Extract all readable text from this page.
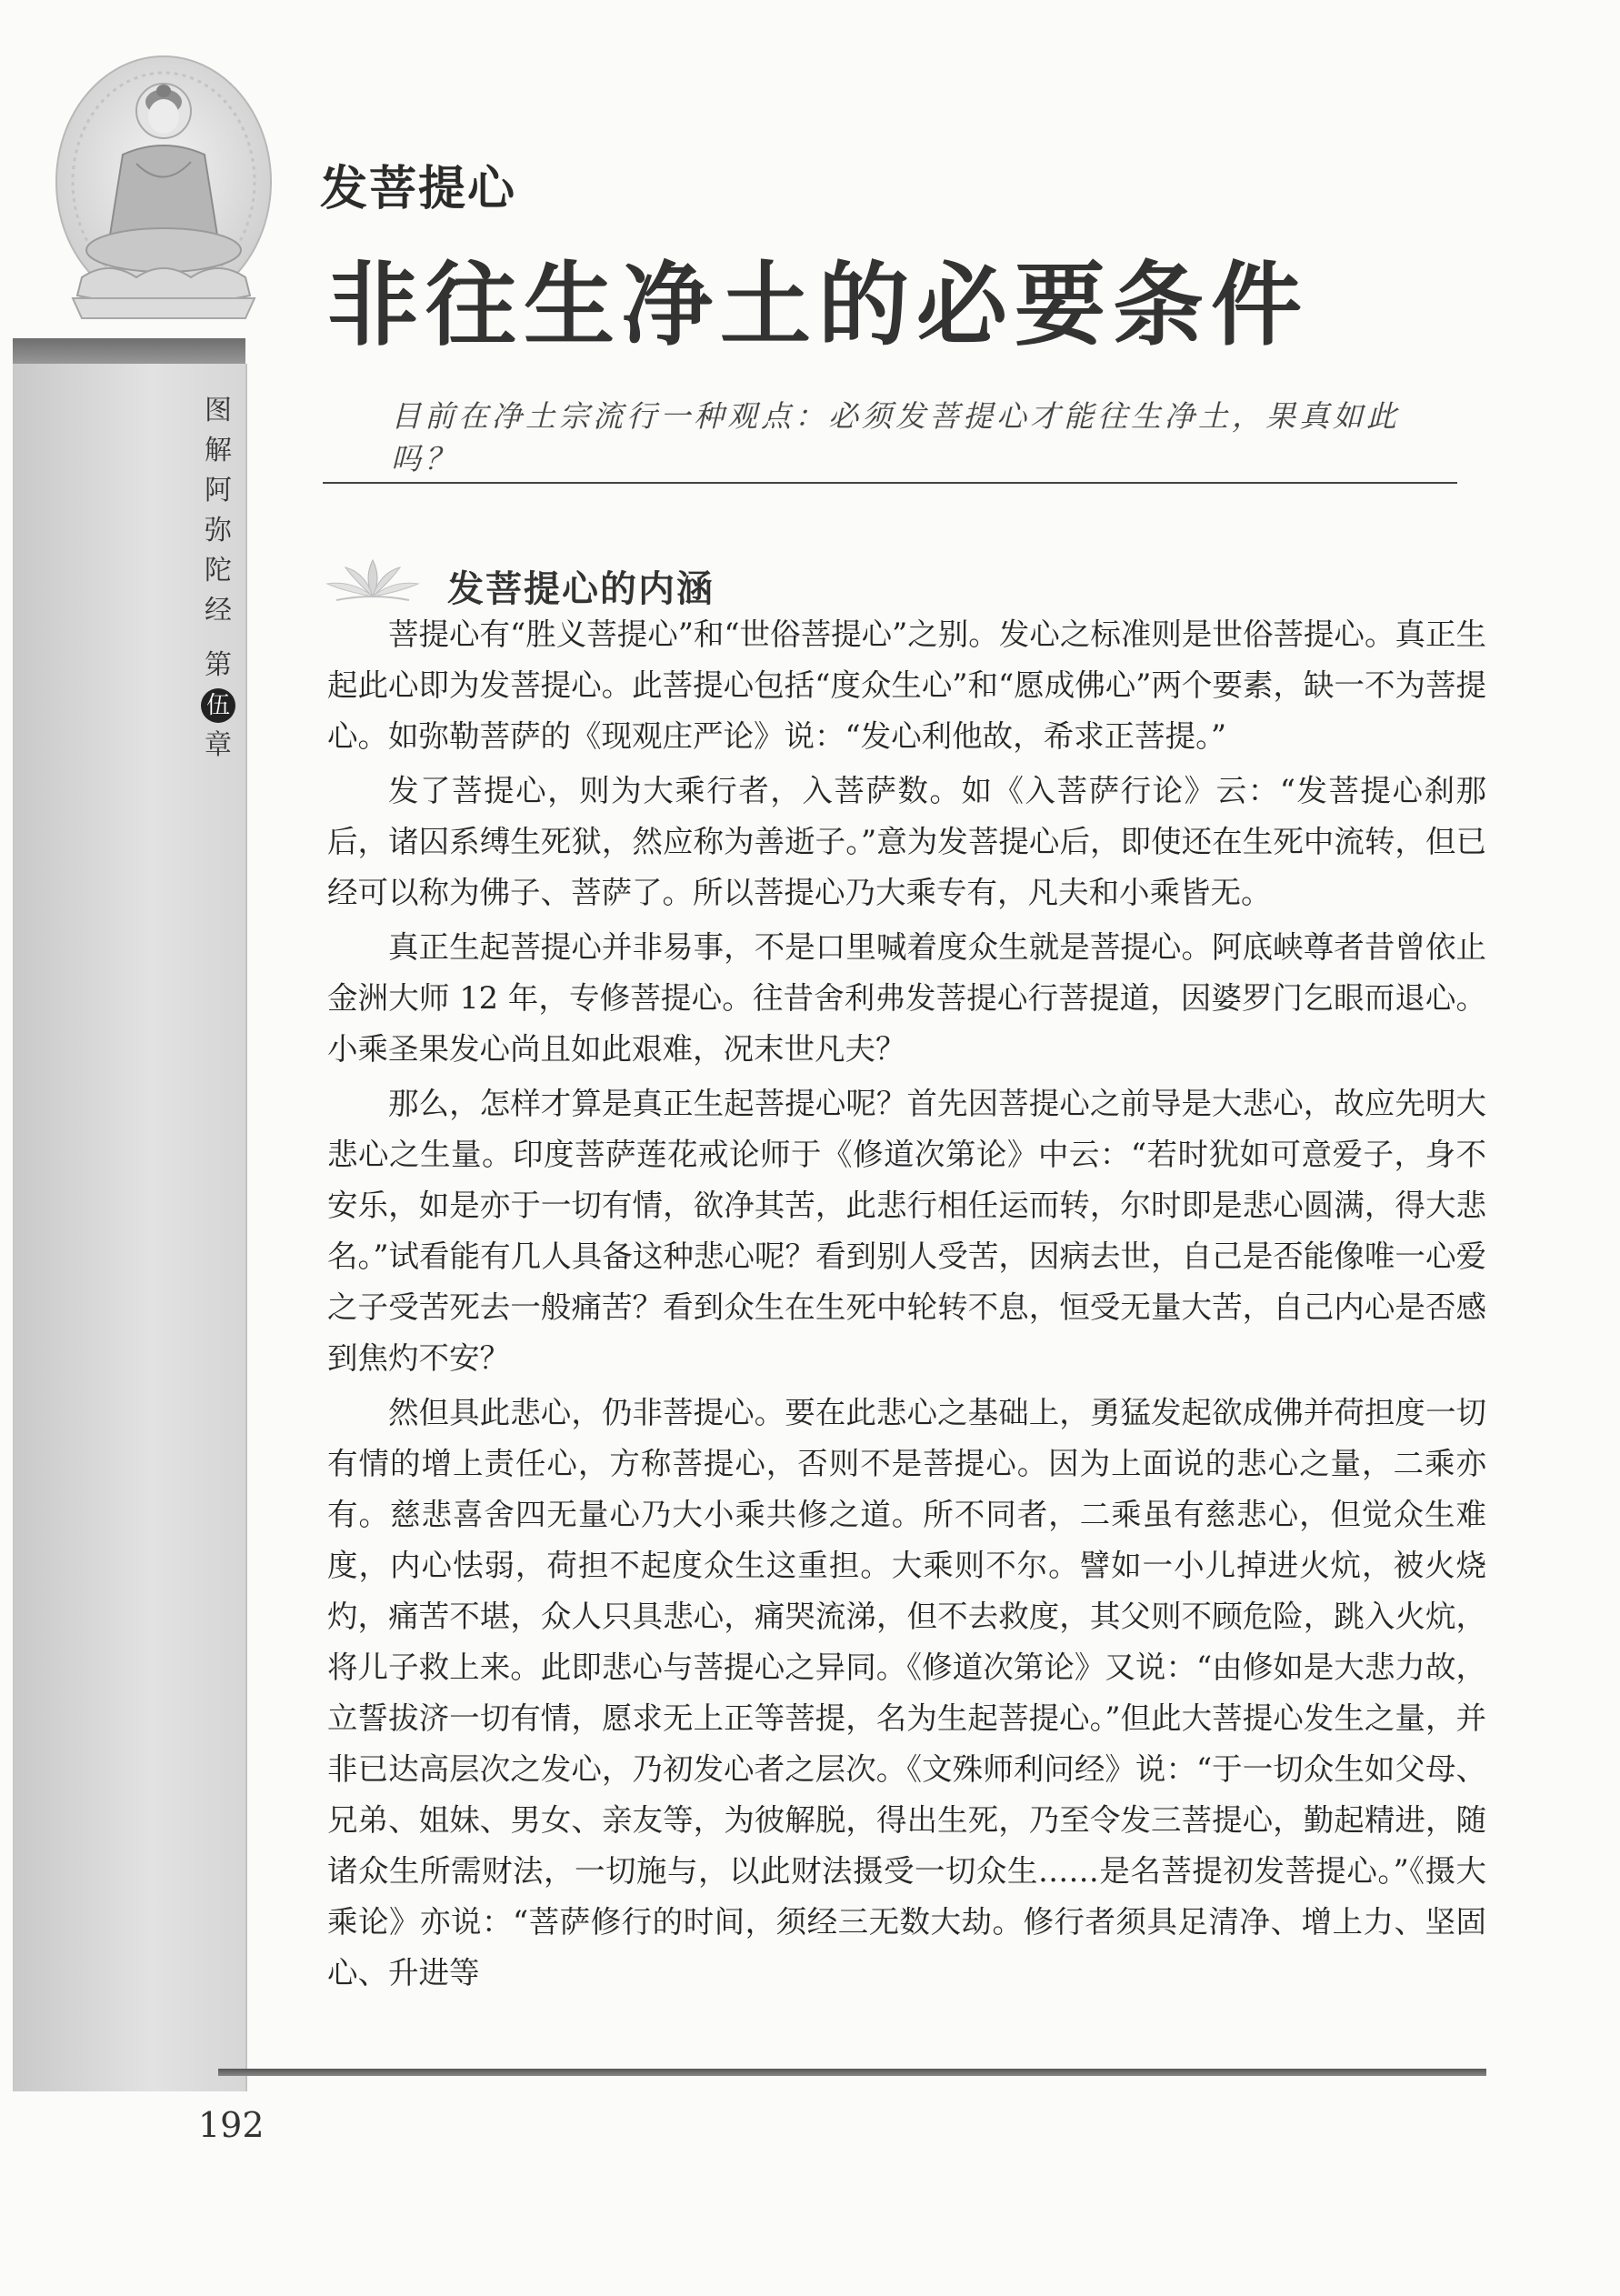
发菩提心
非往生净土的必要条件
图
解
阿
弥
陀
经
第
伍
章
目前在净土宗流行一种观点：必须发菩提心才能往生净土，果真如此吗？
发菩提心的内涵

菩提心有“胜义菩提心”和“世俗菩提心”之别。发心之标准则是世俗菩提心。真正生起此心即为发菩提心。此菩提心包括“度众生心”和“愿成佛心”两个要素，缺一不为菩提心。如弥勒菩萨的《现观庄严论》说：“发心利他故，希求正菩提。”

发了菩提心，则为大乘行者，入菩萨数。如《入菩萨行论》云：“发菩提心刹那后，诸囚系缚生死狱，然应称为善逝子。”意为发菩提心后，即使还在生死中流转，但已经可以称为佛子、菩萨了。所以菩提心乃大乘专有，凡夫和小乘皆无。

真正生起菩提心并非易事，不是口里喊着度众生就是菩提心。阿底峡尊者昔曾依止金洲大师 12 年，专修菩提心。往昔舍利弗发菩提心行菩提道，因婆罗门乞眼而退心。小乘圣果发心尚且如此艰难，况末世凡夫？

那么，怎样才算是真正生起菩提心呢？首先因菩提心之前导是大悲心，故应先明大悲心之生量。印度菩萨莲花戒论师于《修道次第论》中云：“若时犹如可意爱子，身不安乐，如是亦于一切有情，欲净其苦，此悲行相任运而转，尔时即是悲心圆满，得大悲名。”试看能有几人具备这种悲心呢？看到别人受苦，因病去世，自己是否能像唯一心爱之子受苦死去一般痛苦？看到众生在生死中轮转不息，恒受无量大苦，自己内心是否感到焦灼不安？

然但具此悲心，仍非菩提心。要在此悲心之基础上，勇猛发起欲成佛并荷担度一切有情的增上责任心，方称菩提心，否则不是菩提心。因为上面说的悲心之量，二乘亦有。慈悲喜舍四无量心乃大小乘共修之道。所不同者，二乘虽有慈悲心，但觉众生难度，内心怯弱，荷担不起度众生这重担。大乘则不尔。譬如一小儿掉进火炕，被火烧灼，痛苦不堪，众人只具悲心，痛哭流涕，但不去救度，其父则不顾危险，跳入火炕，将儿子救上来。此即悲心与菩提心之异同。《修道次第论》又说：“由修如是大悲力故，立誓拔济一切有情，愿求无上正等菩提，名为生起菩提心。”但此大菩提心发生之量，并非已达高层次之发心，乃初发心者之层次。《文殊师利问经》说：“于一切众生如父母、兄弟、姐妹、男女、亲友等，为彼解脱，得出生死，乃至令发三菩提心，勤起精进，随诸众生所需财法，一切施与，以此财法摄受一切众生……是名菩提初发菩提心。”《摄大乘论》亦说：“菩萨修行的时间，须经三无数大劫。修行者须具足清净、增上力、坚固心、升进等

192
